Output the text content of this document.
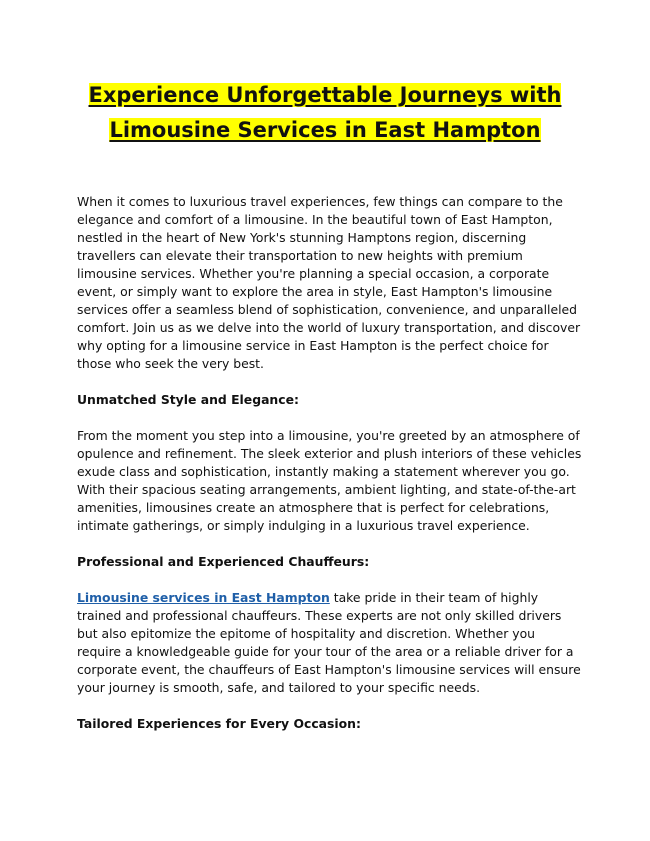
Experience Unforgettable Journeys with Limousine Services in East Hampton

When it comes to luxurious travel experiences, few things can compare to the elegance and comfort of a limousine. In the beautiful town of East Hampton, nestled in the heart of New York's stunning Hamptons region, discerning travellers can elevate their transportation to new heights with premium limousine services. Whether you're planning a special occasion, a corporate event, or simply want to explore the area in style, East Hampton's limousine services offer a seamless blend of sophistication, convenience, and unparalleled comfort. Join us as we delve into the world of luxury transportation, and discover why opting for a limousine service in East Hampton is the perfect choice for those who seek the very best.

Unmatched Style and Elegance:

From the moment you step into a limousine, you're greeted by an atmosphere of opulence and refinement. The sleek exterior and plush interiors of these vehicles exude class and sophistication, instantly making a statement wherever you go. With their spacious seating arrangements, ambient lighting, and state-of-the-art amenities, limousines create an atmosphere that is perfect for celebrations, intimate gatherings, or simply indulging in a luxurious travel experience.

Professional and Experienced Chauffeurs:

Limousine services in East Hampton take pride in their team of highly trained and professional chauffeurs. These experts are not only skilled drivers but also epitomize the epitome of hospitality and discretion. Whether you require a knowledgeable guide for your tour of the area or a reliable driver for a corporate event, the chauffeurs of East Hampton's limousine services will ensure your journey is smooth, safe, and tailored to your specific needs.

Tailored Experiences for Every Occasion:
